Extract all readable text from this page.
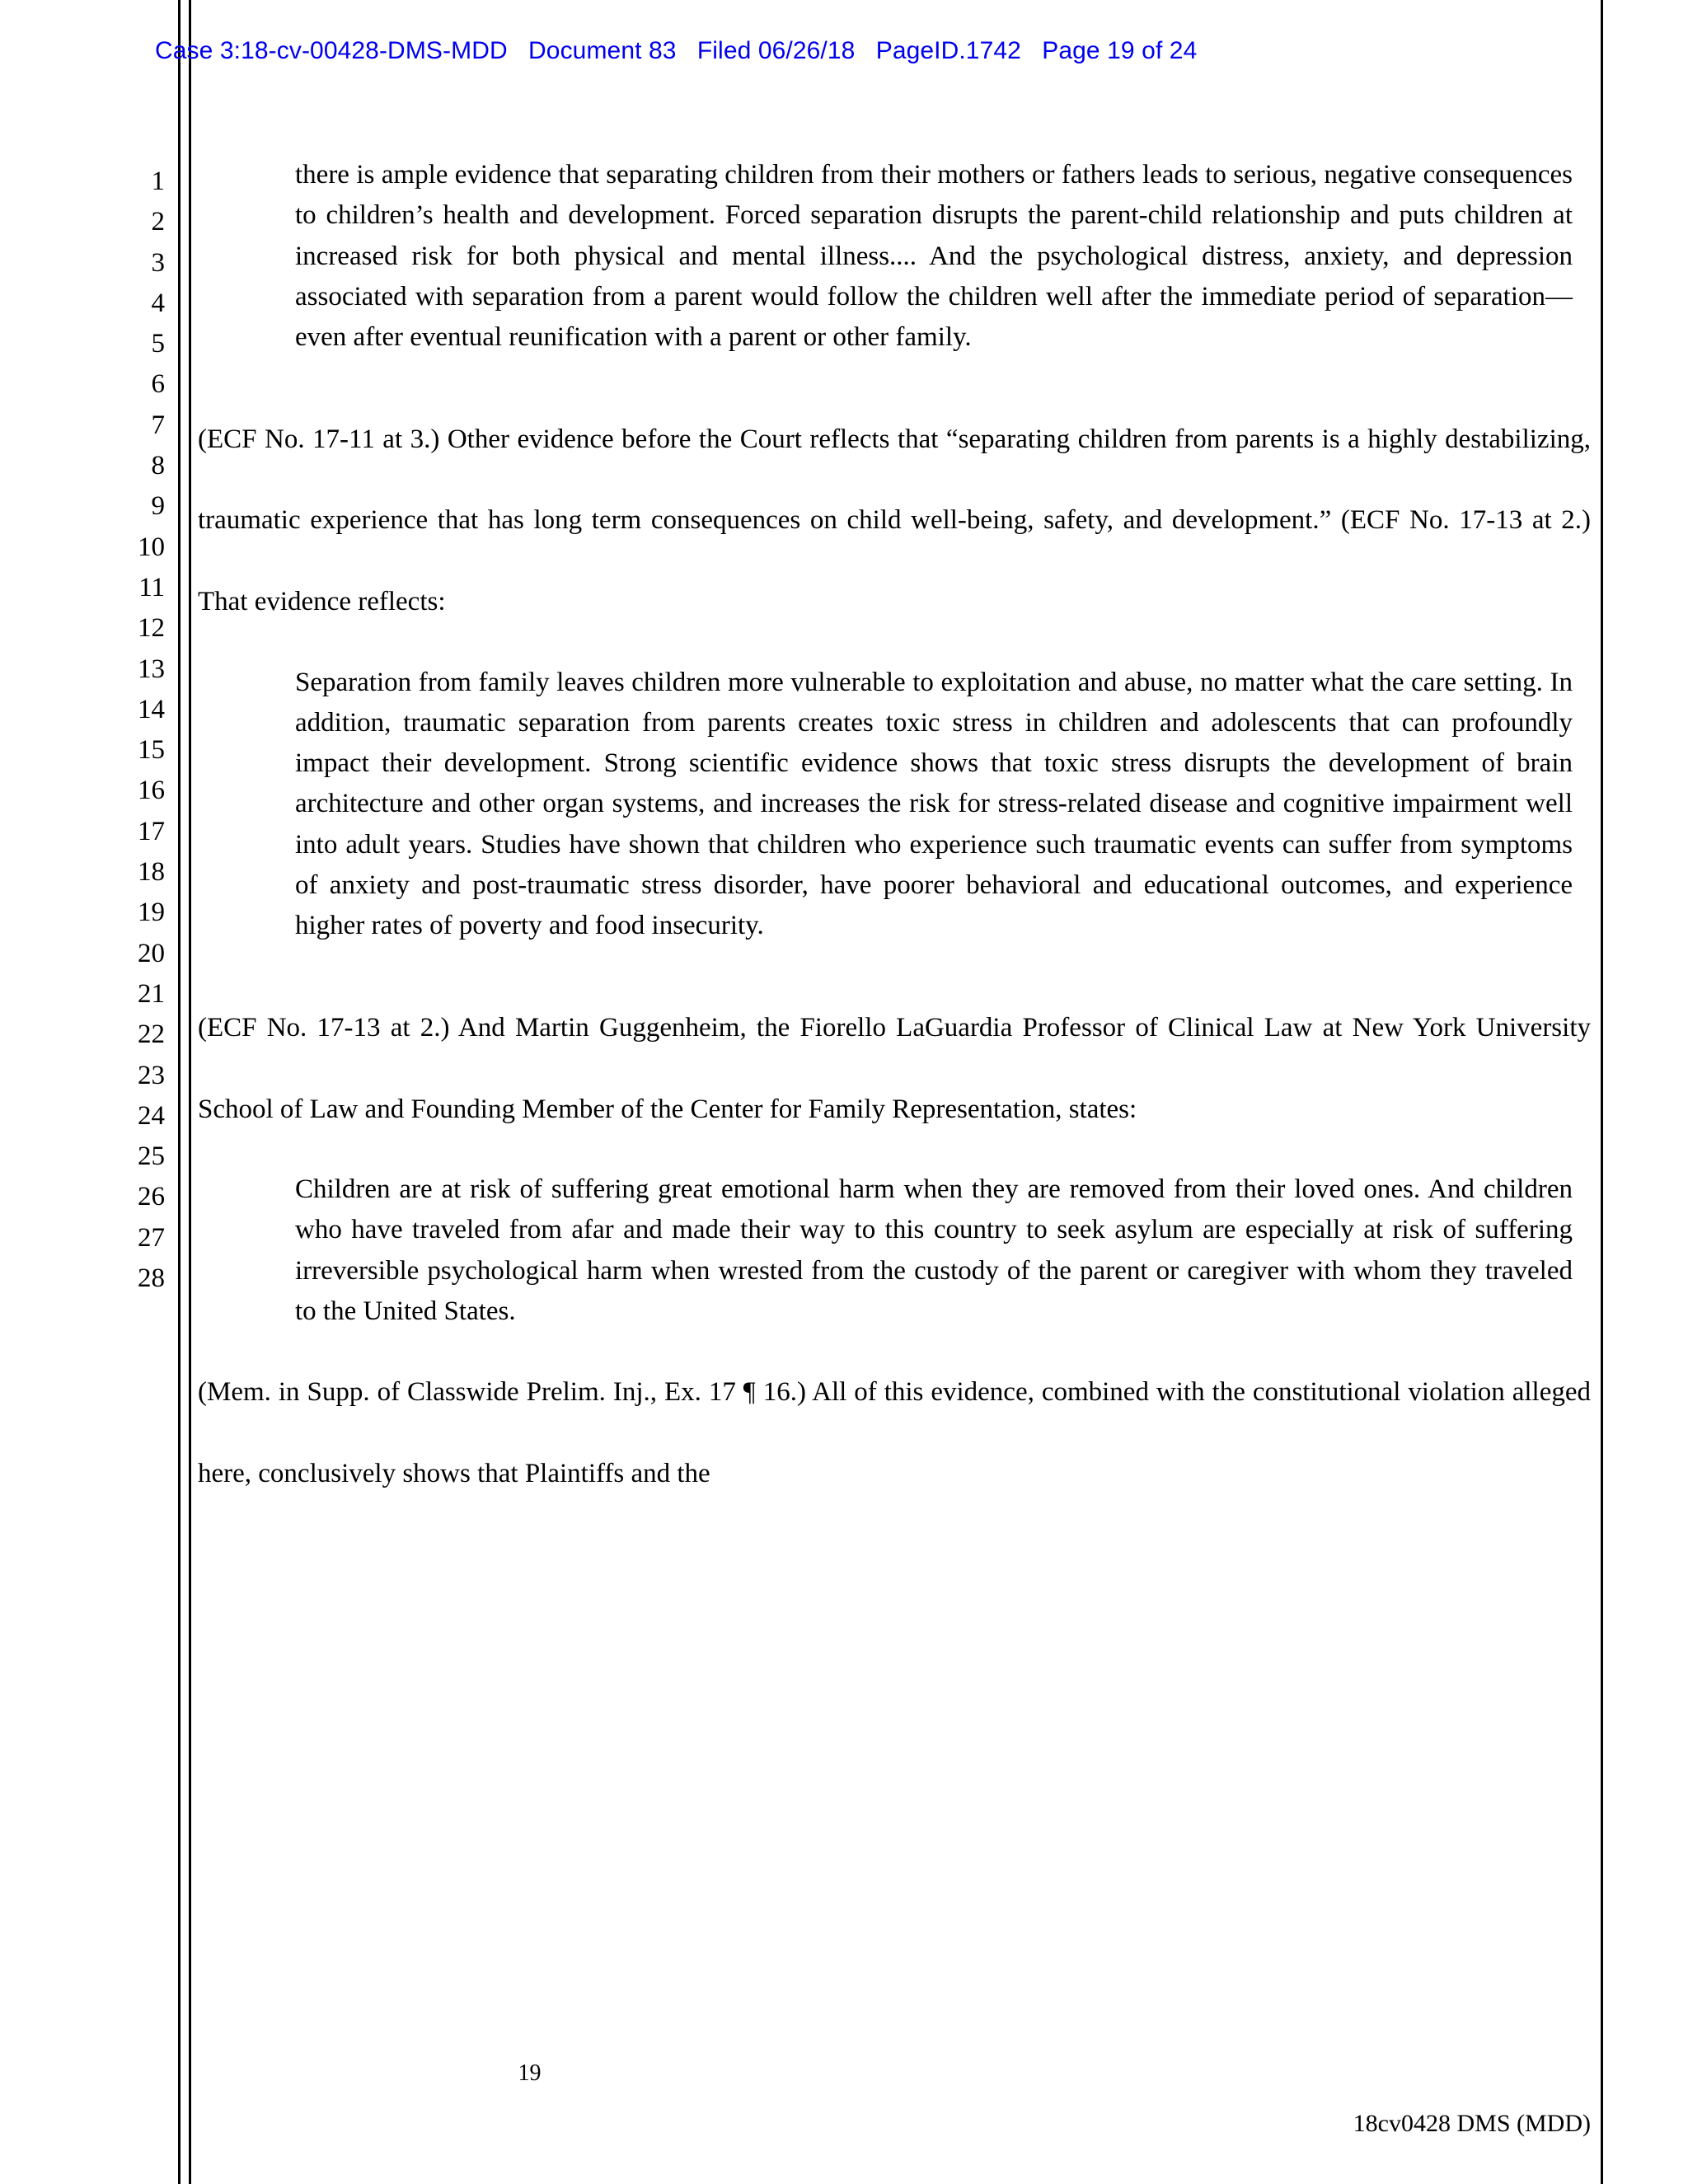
Case 3:18-cv-00428-DMS-MDD   Document 83   Filed 06/26/18   PageID.1742   Page 19 of 24
1
2
3
4
5
6
7
8
9
10
11
12
13
14
15
16
17
18
19
20
21
22
23
24
25
26
27
28

there is ample evidence that separating children from their mothers or fathers leads to serious, negative consequences to children’s health and development. Forced separation disrupts the parent-child relationship and puts children at increased risk for both physical and mental illness.... And the psychological distress, anxiety, and depression associated with separation from a parent would follow the children well after the immediate period of separation—even after eventual reunification with a parent or other family.

(ECF No. 17-11 at 3.) Other evidence before the Court reflects that “separating children from parents is a highly destabilizing, traumatic experience that has long term consequences on child well-being, safety, and development.” (ECF No. 17-13 at 2.) That evidence reflects:

Separation from family leaves children more vulnerable to exploitation and abuse, no matter what the care setting. In addition, traumatic separation from parents creates toxic stress in children and adolescents that can profoundly impact their development. Strong scientific evidence shows that toxic stress disrupts the development of brain architecture and other organ systems, and increases the risk for stress-related disease and cognitive impairment well into adult years. Studies have shown that children who experience such traumatic events can suffer from symptoms of anxiety and post-traumatic stress disorder, have poorer behavioral and educational outcomes, and experience higher rates of poverty and food insecurity.

(ECF No. 17-13 at 2.) And Martin Guggenheim, the Fiorello LaGuardia Professor of Clinical Law at New York University School of Law and Founding Member of the Center for Family Representation, states:

Children are at risk of suffering great emotional harm when they are removed from their loved ones. And children who have traveled from afar and made their way to this country to seek asylum are especially at risk of suffering irreversible psychological harm when wrested from the custody of the parent or caregiver with whom they traveled to the United States.

(Mem. in Supp. of Classwide Prelim. Inj., Ex. 17 ¶ 16.) All of this evidence, combined with the constitutional violation alleged here, conclusively shows that Plaintiffs and the

19
18cv0428 DMS (MDD)
